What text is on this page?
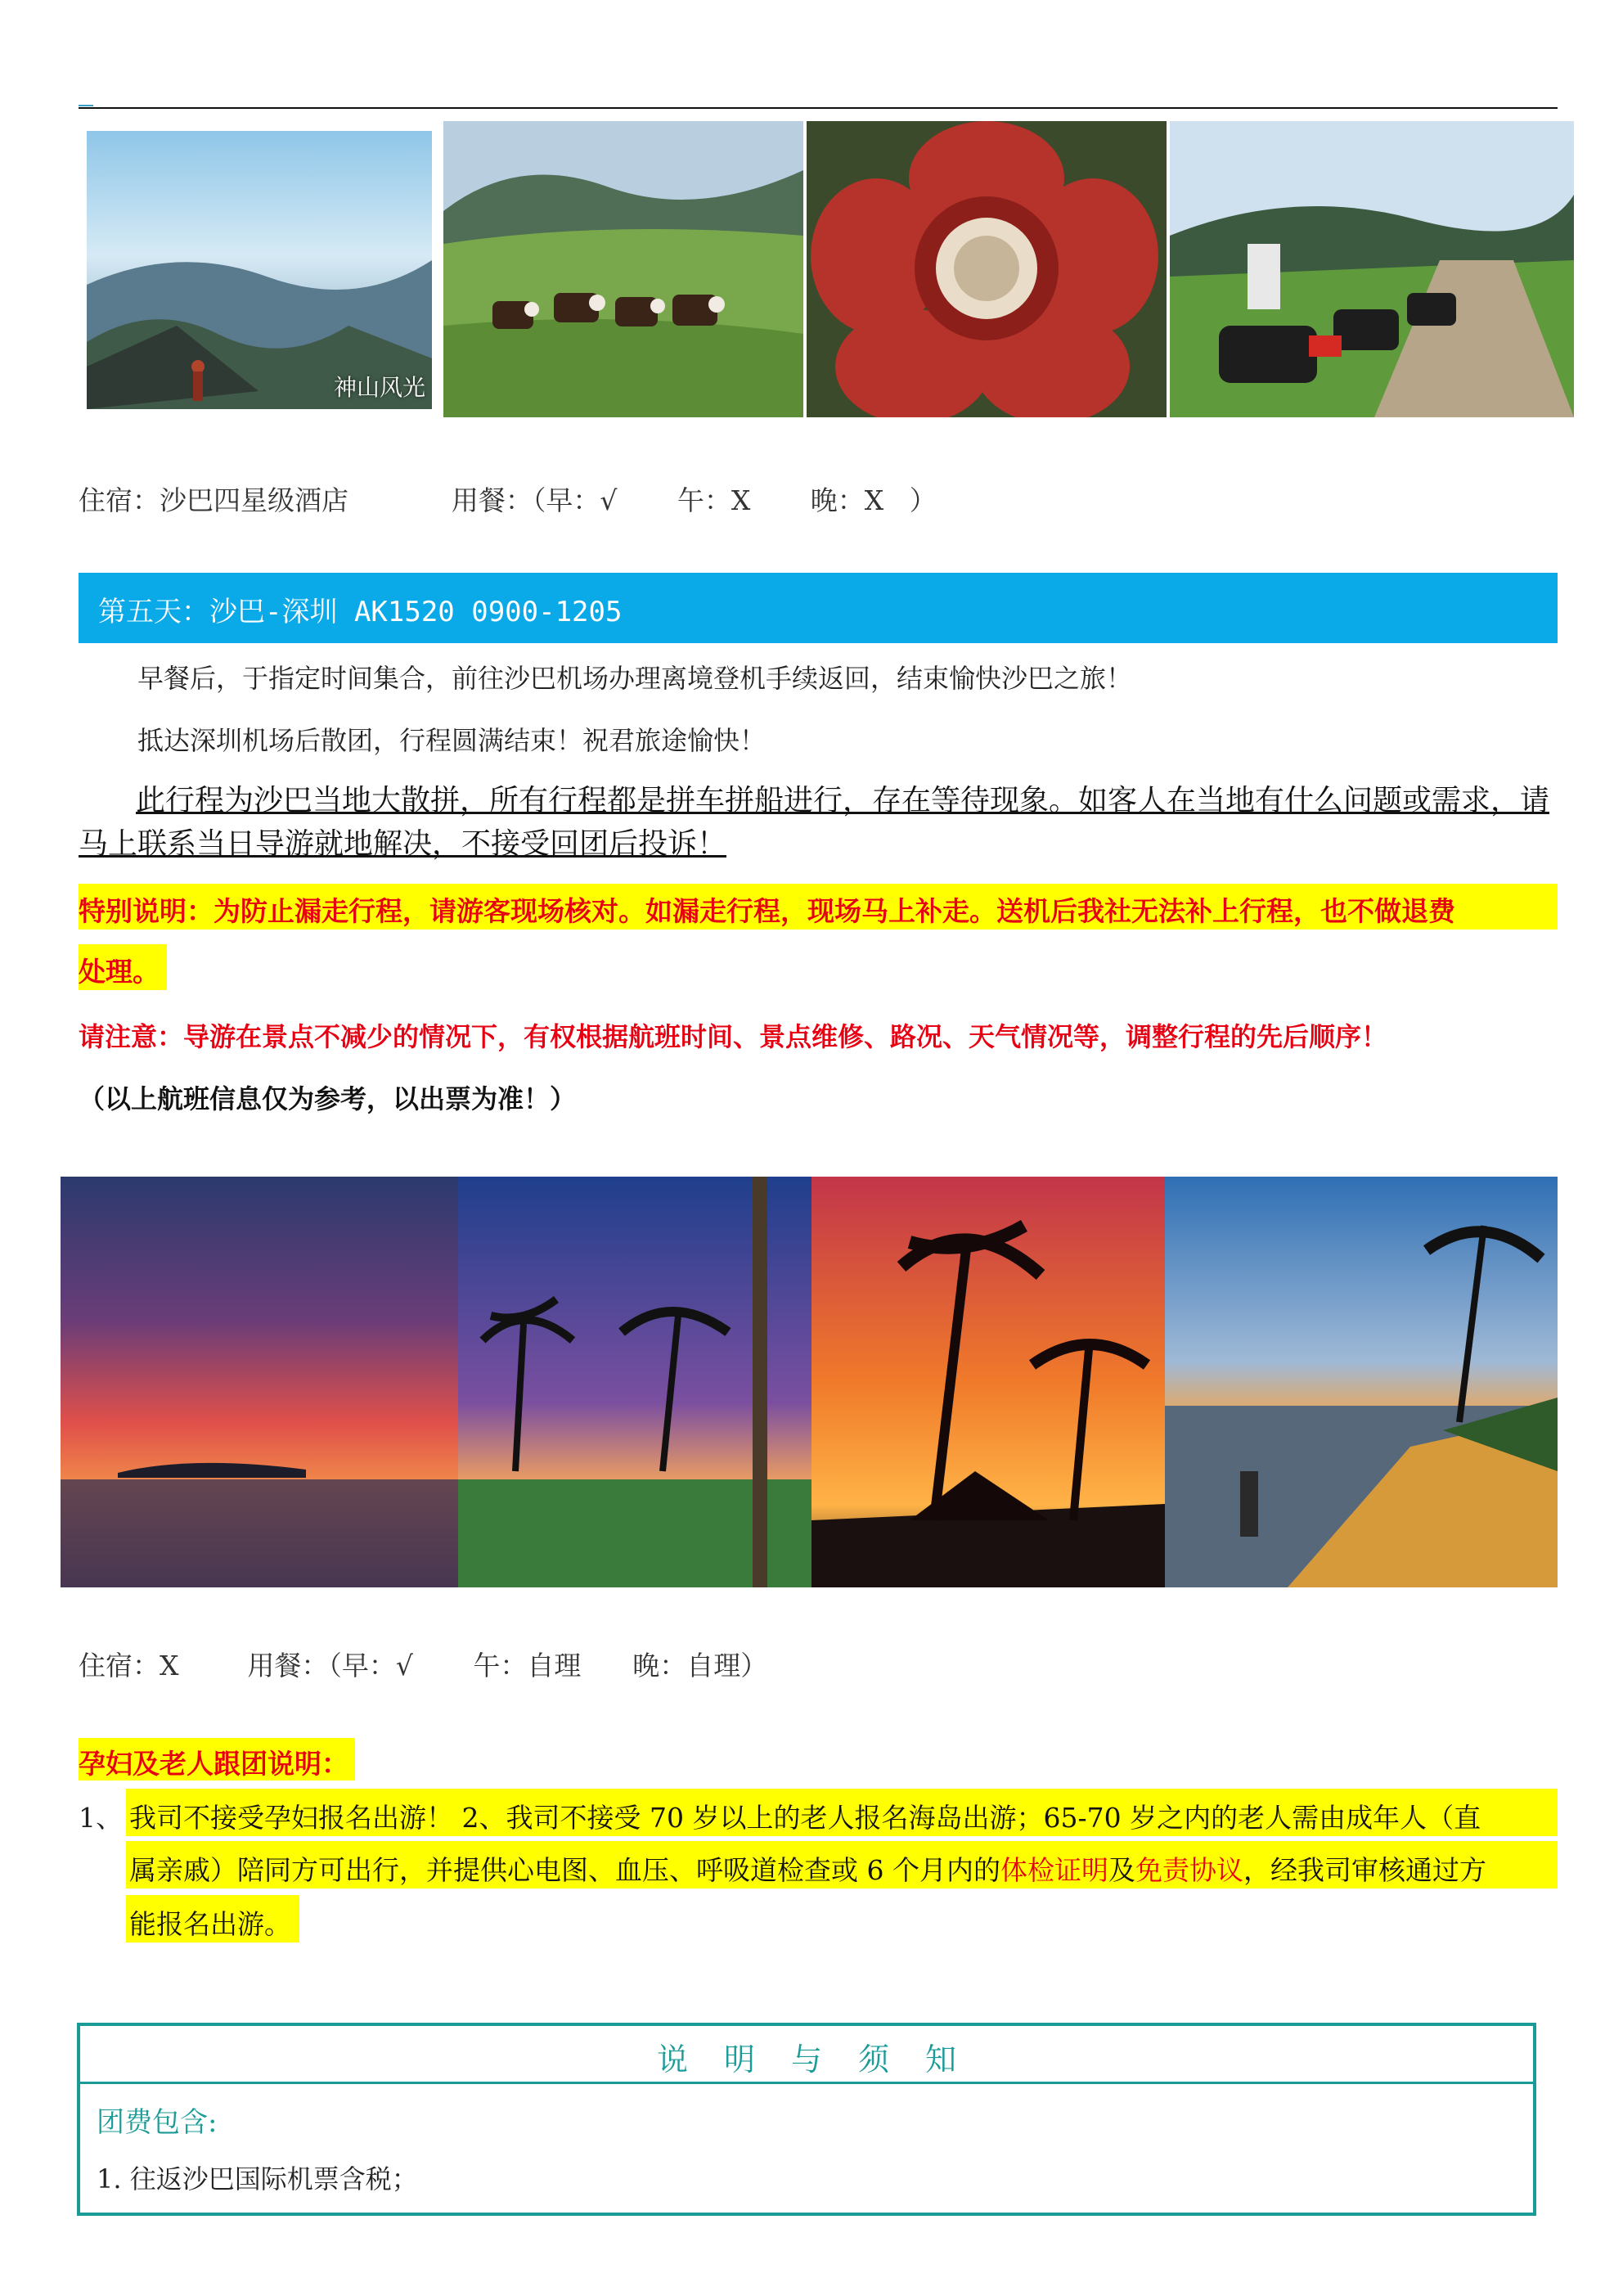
神山风光
住宿：沙巴四星级酒店            用餐：（早：√       午：X       晚：X   ）
第五天：沙巴-深圳 AK1520 0900-1205
早餐后，于指定时间集合，前往沙巴机场办理离境登机手续返回，结束愉快沙巴之旅！
抵达深圳机场后散团，行程圆满结束！祝君旅途愉快！
此行程为沙巴当地大散拼，所有行程都是拼车拼船进行，存在等待现象。如客人在当地有什么问题或需求，请
马上联系当日导游就地解决，不接受回团后投诉！
特别说明：为防止漏走行程，请游客现场核对。如漏走行程，现场马上补走。送机后我社无法补上行程，也不做退费
处理。
请注意：导游在景点不减少的情况下，有权根据航班时间、景点维修、路况、天气情况等，调整行程的先后顺序！
（以上航班信息仅为参考，以出票为准！）
住宿：X        用餐：（早：√       午：自理      晚：自理）
孕妇及老人跟团说明：
1、 我司不接受孕妇报名出游！ 2、我司不接受 70 岁以上的老人报名海岛出游；65-70 岁之内的老人需由成年人（直
属亲戚）陪同方可出行，并提供心电图、血压、呼吸道检查或 6 个月内的体检证明及免责协议，经我司审核通过方
能报名出游。
说明与须知
团费包含:
1. 往返沙巴国际机票含税；
